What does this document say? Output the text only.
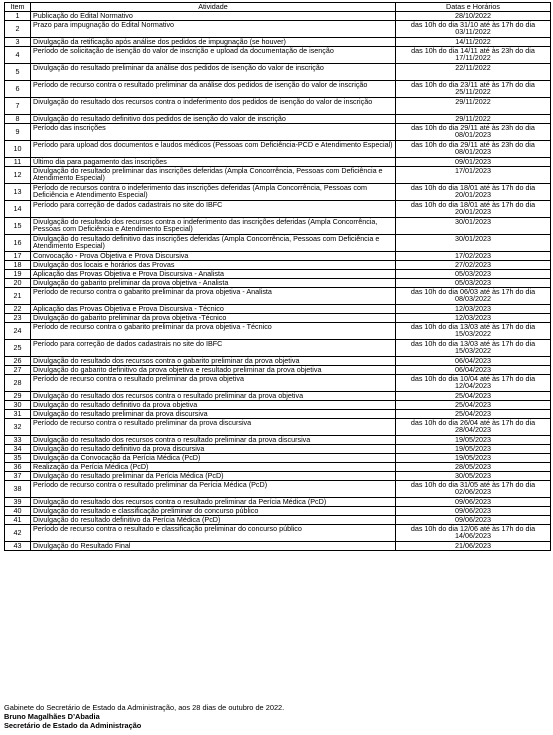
Item	Atividade	Datas e Horários
1	Publicação do Edital Normativo	28/10/2022
2	Prazo para impugnação do Edital Normativo	das 10h do dia 31/10 até às 17h do dia 03/11/2022
3	Divulgação da retificação após análise dos pedidos de impugnação (se houver)	14/11/2022
4	Período de solicitação de isenção do valor de inscrição e upload da documentação de isenção	das 10h do dia 14/11 até às 23h do dia 17/11/2022
5	Divulgação do resultado preliminar da análise dos pedidos de isenção do valor de inscrição	22/11/2022
6	Período de recurso contra o resultado preliminar da análise dos pedidos de isenção do valor de inscrição	das 10h do dia 23/11 até às 17h do dia 25/11/2022
7	Divulgação do resultado dos recursos contra o indeferimento dos pedidos de isenção do valor de inscrição	29/11/2022
8	Divulgação do resultado definitivo dos pedidos de isenção do valor de inscrição	29/11/2022
9	Período das inscrições	das 10h do dia 29/11 até às 23h do dia 08/01/2023
10	Período para upload dos documentos e laudos médicos (Pessoas com Deficiência-PCD e Atendimento Especial)	das 10h do dia 29/11 até às 23h do dia 08/01/2023
11	Último dia para pagamento das inscrições	09/01/2023
12	Divulgação do resultado preliminar das inscrições deferidas (Ampla Concorrência, Pessoas com Deficiência e Atendimento Especial)	17/01/2023
13	Período de recursos contra o indeferimento das inscrições deferidas (Ampla Concorrência, Pessoas com Deficiência e Atendimento Especial)	das 10h do dia 18/01 até às 17h do dia 20/01/2023
14	Período para correção de dados cadastrais no site do IBFC	das 10h do dia 18/01 até às 17h do dia 20/01/2023
15	Divulgação do resultado dos recursos contra o indeferimento das inscrições deferidas (Ampla Concorrência, Pessoas com Deficiência e Atendimento Especial)	30/01/2023
16	Divulgação do resultado definitivo das inscrições deferidas (Ampla Concorrência, Pessoas com Deficiência e Atendimento Especial)	30/01/2023
17	Convocação - Prova Objetiva e Prova Discursiva	17/02/2023
18	Divulgação dos locais e horários das Provas	27/02/2023
19	Aplicação das Provas Objetiva e Prova Discursiva - Analista	05/03/2023
20	Divulgação do gabarito preliminar da prova objetiva - Analista	05/03/2023
21	Período de recurso contra o gabarito preliminar da prova objetiva - Analista	das 10h do dia 06/03 até às 17h do dia 08/03/2022
22	Aplicação das Provas Objetiva e Prova Discursiva - Técnico	12/03/2023
23	Divulgação do gabarito preliminar da prova objetiva -Técnico	12/03/2023
24	Período de recurso contra o gabarito preliminar da prova objetiva - Técnico	das 10h do dia 13/03 até às 17h do dia 15/03/2022
25	Período para correção de dados cadastrais no site do IBFC	das 10h do dia 13/03 até às 17h do dia 15/03/2022
26	Divulgação do resultado dos recursos contra o gabarito preliminar da prova objetiva	06/04/2023
27	Divulgação do gabarito definitivo da prova objetiva e resultado preliminar da prova objetiva	06/04/2023
28	Período de recurso contra o resultado preliminar da prova objetiva	das 10h do dia 10/04 até às 17h do dia 12/04/2023
29	Divulgação do resultado dos recursos contra o resultado preliminar da prova objetiva	25/04/2023
30	Divulgação do resultado definitivo da prova objetiva	25/04/2023
31	Divulgação do resultado preliminar da prova discursiva	25/04/2023
32	Período de recurso contra o resultado preliminar da prova discursiva	das 10h do dia 26/04 até às 17h do dia 28/04/2023
33	Divulgação do resultado dos recursos contra o resultado preliminar da prova discursiva	19/05/2023
34	Divulgação do resultado definitivo da prova discursiva	19/05/2023
35	Divulgação da Convocação da Perícia Médica (PcD)	19/05/2023
36	Realização da Perícia Médica (PcD)	28/05/2023
37	Divulgação do resultado preliminar da Perícia Médica (PcD)	30/05/2023
38	Período de recurso contra o resultado preliminar da Perícia Médica (PcD)	das 10h do dia 31/05 até às 17h do dia 02/06/2023
39	Divulgação do resultado dos recursos contra o resultado preliminar da Perícia Médica (PcD)	09/06/2023
40	Divulgação do resultado e classificação preliminar do concurso público	09/06/2023
41	Divulgação do resultado definitivo da Perícia Médica (PcD)	09/06/2023
42	Período de recurso contra o resultado e classificação preliminar do concurso público	das 10h do dia 12/06 até às 17h do dia 14/06/2023
43	Divulgação do Resultado Final	21/06/2023
Gabinete do Secretário de Estado da Administração, aos 28 dias de outubro de 2022.
Bruno Magalhães D’Abadia
Secretário de Estado da Administração
